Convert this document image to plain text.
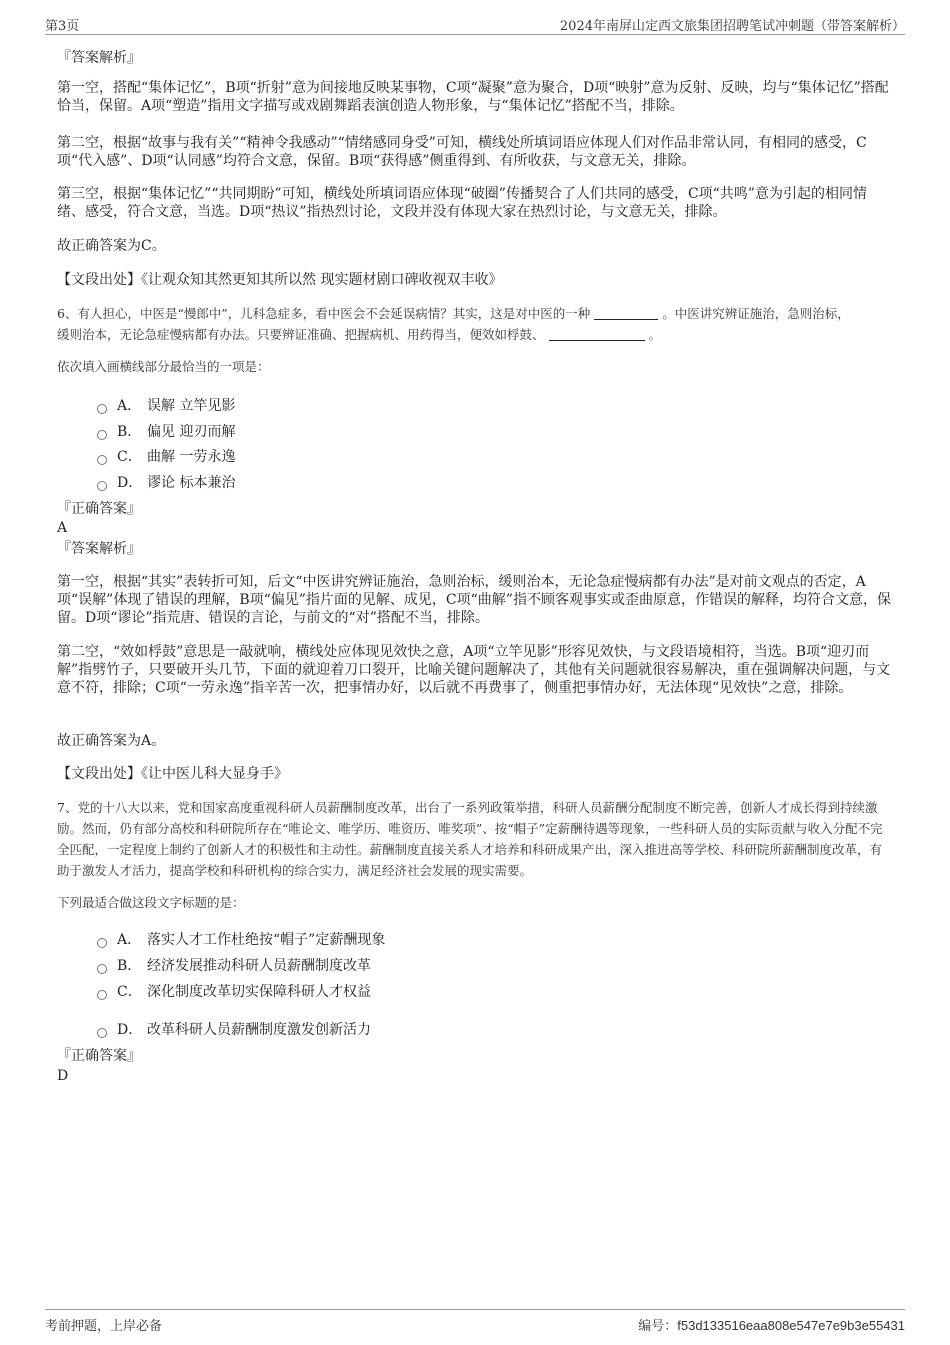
第3页	2024年南屏山定西文旅集团招聘笔试冲刺题（带答案解析）
『答案解析』
第一空，搭配“集体记忆”，B项“折射”意为间接地反映某事物，C项“凝聚”意为聚合，D项“映射”意为反射、反映，均与“集体记忆”搭配恰当，保留。A项“塑造”指用文字描写或戏剧舞蹈表演创造人物形象，与“集体记忆”搭配不当，排除。
第二空，根据“故事与我有关”“精神令我感动”“情绪感同身受”可知，横线处所填词语应体现人们对作品非常认同，有相同的感受，C项“代入感”、D项“认同感”均符合文意，保留。B项“获得感”侧重得到、有所收获，与文意无关，排除。
第三空，根据“集体记忆”“共同期盼”可知，横线处所填词语应体现“破圈”传播契合了人们共同的感受，C项“共鸣”意为引起的相同情绪、感受，符合文意，当选。D项“热议”指热烈讨论，文段并没有体现大家在热烈讨论，与文意无关，排除。
故正确答案为C。
【文段出处】《让观众知其然更知其所以然 现实题材剧口碑收视双丰收》
6、有人担心，中医是“慢郎中”，儿科急症多，看中医会不会延误病情？其实，这是对中医的一种	。中医讲究辨证施治，急则治标，
缓则治本，无论急症慢病都有办法。只要辨证准确、把握病机、用药得当，便效如桴鼓、	。
依次填入画横线部分最恰当的一项是：
A． 误解 立竿见影
B． 偏见 迎刃而解
C． 曲解 一劳永逸
D． 谬论 标本兼治
『正确答案』
A
『答案解析』
第一空，根据“其实”表转折可知，后文“中医讲究辨证施治，急则治标，缓则治本，无论急症慢病都有办法”是对前文观点的否定，A项“误解”体现了错误的理解，B项“偏见”指片面的见解、成见，C项“曲解”指不顾客观事实或歪曲原意，作错误的解释，均符合文意，保留。D项“谬论”指荒唐、错误的言论，与前文的“对”搭配不当，排除。
第二空，“效如桴鼓”意思是一敲就响，横线处应体现见效快之意，A项“立竿见影”形容见效快，与文段语境相符，当选。B项“迎刃而解”指劈竹子，只要破开头几节，下面的就迎着刀口裂开，比喻关键问题解决了，其他有关问题就很容易解决，重在强调解决问题，与文意不符，排除；C项“一劳永逸”指辛苦一次，把事情办好，以后就不再费事了，侧重把事情办好，无法体现“见效快”之意，排除。
故正确答案为A。
【文段出处】《让中医儿科大显身手》
7、党的十八大以来，党和国家高度重视科研人员薪酬制度改革，出台了一系列政策举措，科研人员薪酬分配制度不断完善，创新人才成长得到持续激励。然而，仍有部分高校和科研院所存在“唯论文、唯学历、唯资历、唯奖项”、按“帽子”定薪酬待遇等现象，一些科研人员的实际贡献与收入分配不完全匹配，一定程度上制约了创新人才的积极性和主动性。薪酬制度直接关系人才培养和科研成果产出，深入推进高等学校、科研院所薪酬制度改革，有助于激发人才活力，提高学校和科研机构的综合实力，满足经济社会发展的现实需要。
下列最适合做这段文字标题的是：
A． 落实人才工作杜绝按“帽子”定薪酬现象
B． 经济发展推动科研人员薪酬制度改革
C． 深化制度改革切实保障科研人才权益
D． 改革科研人员薪酬制度激发创新活力
『正确答案』
D
考前押题，上岸必备	编号：f53d133516eaa808e547e7e9b3e55431
